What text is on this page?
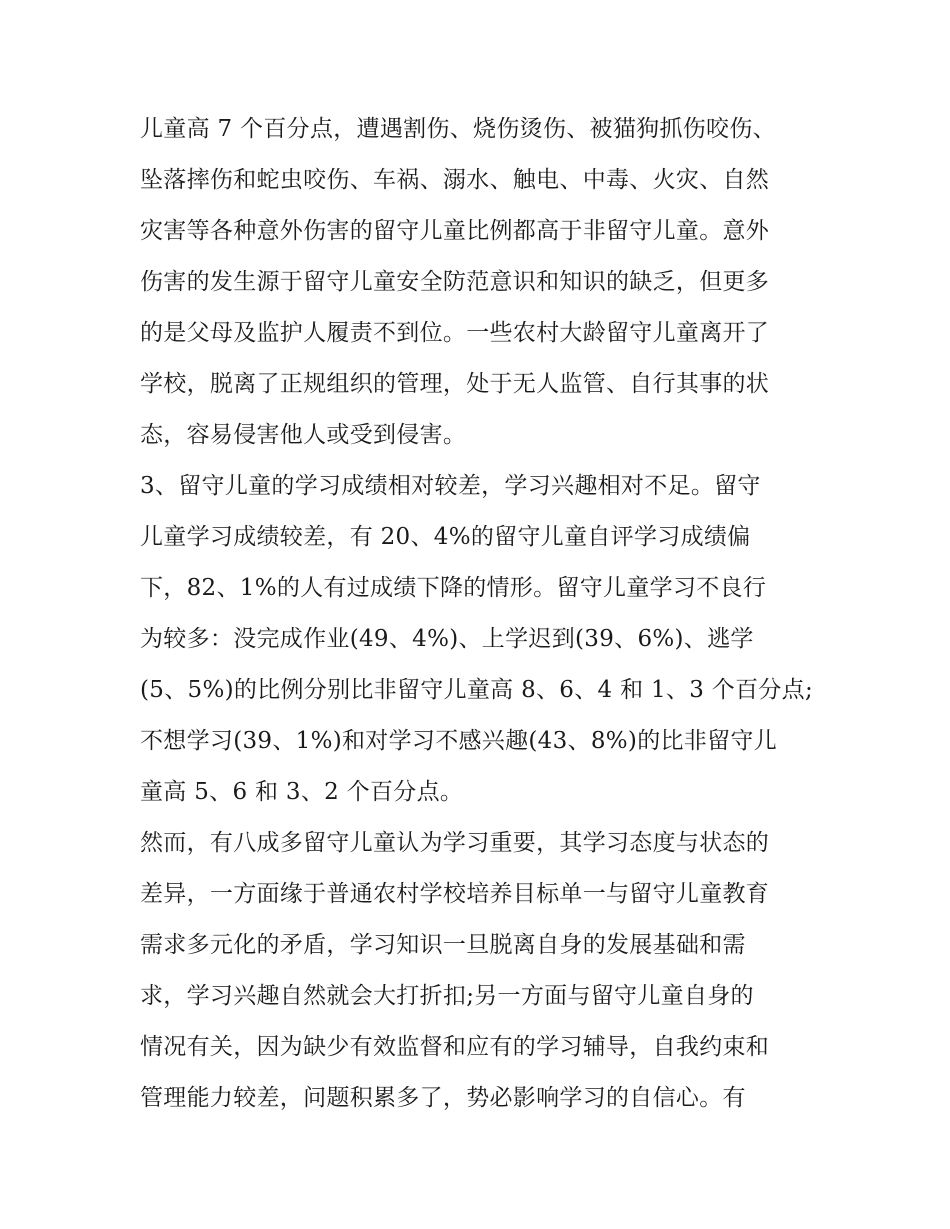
儿童高 7 个百分点，遭遇割伤、烧伤烫伤、被猫狗抓伤咬伤、
坠落摔伤和蛇虫咬伤、车祸、溺水、触电、中毒、火灾、自然
灾害等各种意外伤害的留守儿童比例都高于非留守儿童。意外
伤害的发生源于留守儿童安全防范意识和知识的缺乏，但更多
的是父母及监护人履责不到位。一些农村大龄留守儿童离开了
学校，脱离了正规组织的管理，处于无人监管、自行其事的状
态，容易侵害他人或受到侵害。
3、留守儿童的学习成绩相对较差，学习兴趣相对不足。留守
儿童学习成绩较差，有 20、4%的留守儿童自评学习成绩偏
下，82、1%的人有过成绩下降的情形。留守儿童学习不良行
为较多：没完成作业(49、4%)、上学迟到(39、6%)、逃学
(5、5%)的比例分别比非留守儿童高 8、6、4 和 1、3 个百分点;
不想学习(39、1%)和对学习不感兴趣(43、8%)的比非留守儿
童高 5、6 和 3、2 个百分点。
然而，有八成多留守儿童认为学习重要，其学习态度与状态的
差异，一方面缘于普通农村学校培养目标单一与留守儿童教育
需求多元化的矛盾，学习知识一旦脱离自身的发展基础和需
求，学习兴趣自然就会大打折扣;另一方面与留守儿童自身的
情况有关，因为缺少有效监督和应有的学习辅导，自我约束和
管理能力较差，问题积累多了，势必影响学习的自信心。有
